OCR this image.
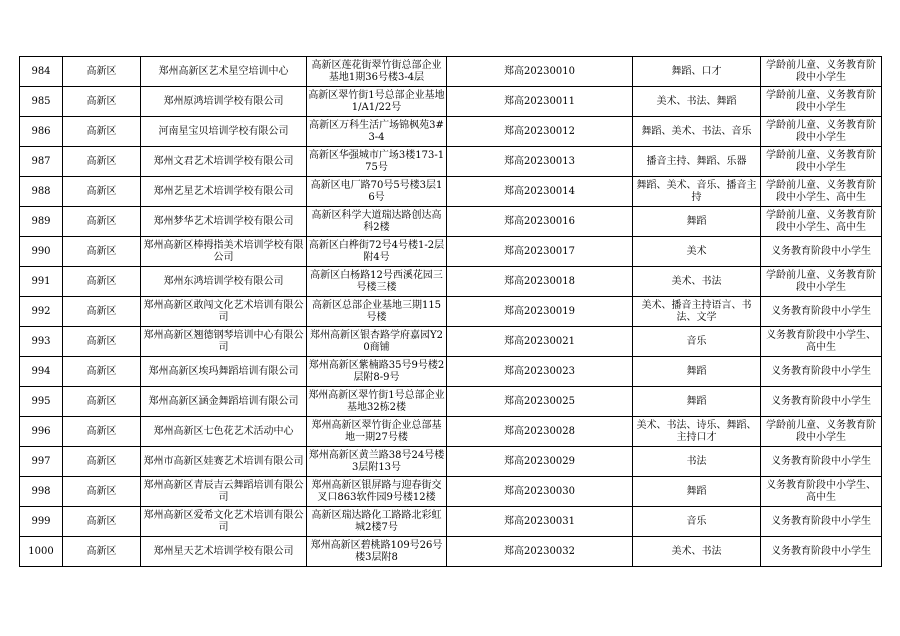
984	高新区	郑州高新区艺术星空培训中心	高新区莲花街翠竹街总部企业基地1期36号楼3-4层	郑高20230010	舞蹈、口才	学龄前儿童、义务教育阶段中小学生
985	高新区	郑州原鸿培训学校有限公司	高新区翠竹街1号总部企业基地1/A1/22号	郑高20230011	美术、书法、舞蹈	学龄前儿童、义务教育阶段中小学生
986	高新区	河南星宝贝培训学校有限公司	高新区万科生活广场锦枫苑3#3-4	郑高20230012	舞蹈、美术、书法、音乐	学龄前儿童、义务教育阶段中小学生
987	高新区	郑州文君艺术培训学校有限公司	高新区华强城市广场3楼173-175号	郑高20230013	播音主持、舞蹈、乐器	学龄前儿童、义务教育阶段中小学生
988	高新区	郑州艺星艺术培训学校有限公司	高新区电厂路70号5号楼3层16号	郑高20230014	舞蹈、美术、音乐、播音主持	学龄前儿童、义务教育阶段中小学生、高中生
989	高新区	郑州梦华艺术培训学校有限公司	高新区科学大道瑞达路创达高科2楼	郑高20230016	舞蹈	学龄前儿童、义务教育阶段中小学生、高中生
990	高新区	郑州高新区棒拇指美术培训学校有限公司	高新区白桦街72号4号楼1-2层附4号	郑高20230017	美术	义务教育阶段中小学生
991	高新区	郑州东鸿培训学校有限公司	高新区白杨路12号西溪花园三号楼三楼	郑高20230018	美术、书法	学龄前儿童、义务教育阶段中小学生
992	高新区	郑州高新区敢闯文化艺术培训有限公司	高新区总部企业基地三期115号楼	郑高20230019	美术、播音主持语言、书法、文学	义务教育阶段中小学生
993	高新区	郑州高新区翘德钢琴培训中心有限公司	郑州高新区银杏路学府嘉园Y20商铺	郑高20230021	音乐	义务教育阶段中小学生、高中生
994	高新区	郑州高新区埃玛舞蹈培训有限公司	郑州高新区紫楠路35号9号楼2层附8-9号	郑高20230023	舞蹈	义务教育阶段中小学生
995	高新区	郑州高新区涵金舞蹈培训有限公司	郑州高新区翠竹街1号总部企业基地32栋2楼	郑高20230025	舞蹈	义务教育阶段中小学生
996	高新区	郑州高新区七色花艺术活动中心	郑州高新区翠竹街企业总部基地一期27号楼	郑高20230028	美术、书法、诗乐、舞蹈、主持口才	学龄前儿童、义务教育阶段中小学生
997	高新区	郑州市高新区娃赛艺术培训有限公司	郑州高新区黄兰路38号24号楼3层附13号	郑高20230029	书法	义务教育阶段中小学生
998	高新区	郑州高新区青辰吉云舞蹈培训有限公司	郑州高新区银屏路与迎春街交叉口863软件园9号楼12楼	郑高20230030	舞蹈	义务教育阶段中小学生、高中生
999	高新区	郑州高新区爱希文化艺术培训有限公司	高新区瑞达路化工路路北彩虹城2楼7号	郑高20230031	音乐	义务教育阶段中小学生
1000	高新区	郑州星天艺术培训学校有限公司	郑州高新区碧桃路109号26号楼3层附8	郑高20230032	美术、书法	义务教育阶段中小学生
